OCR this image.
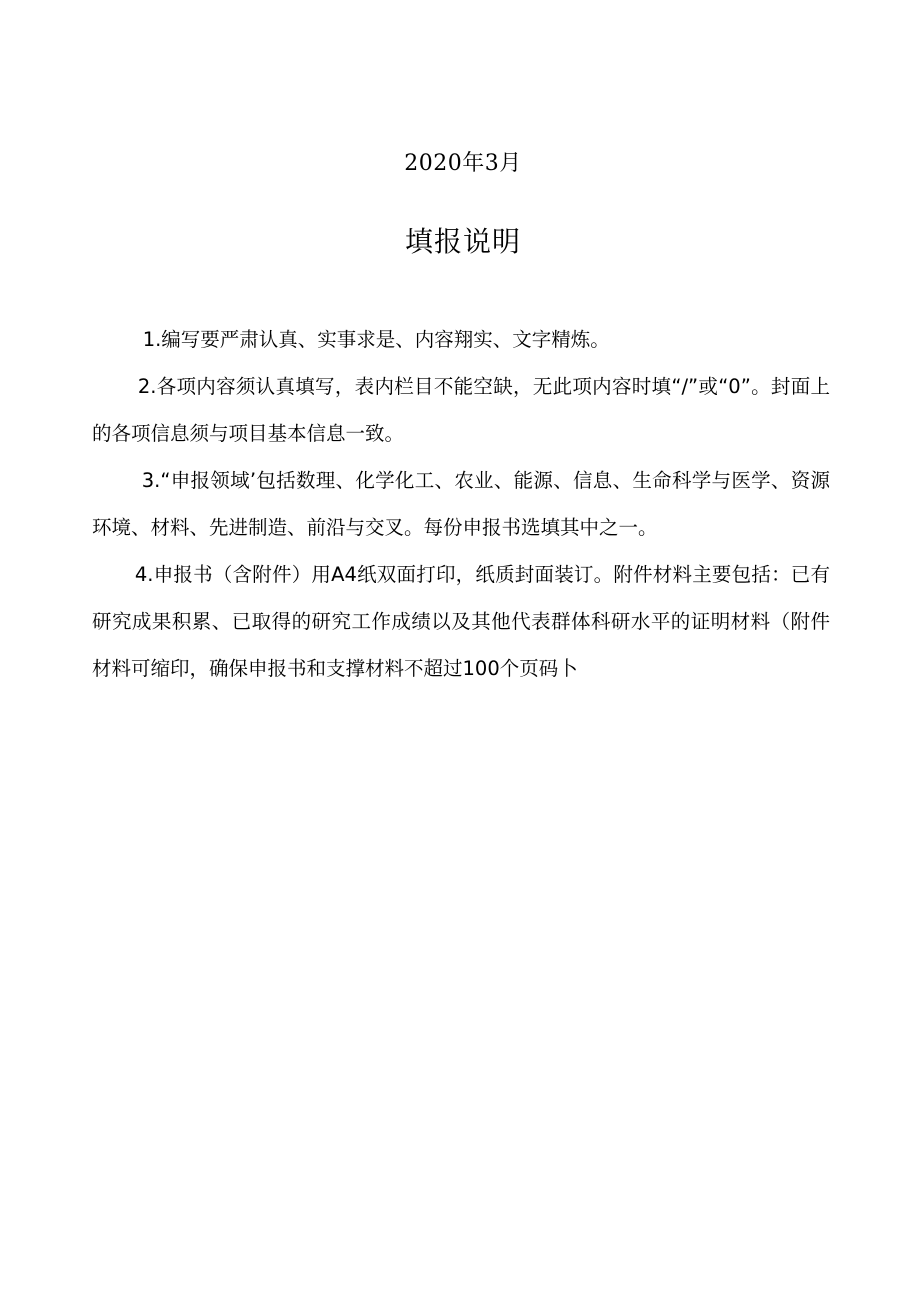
2020年3月
填报说明

1.编写要严肃认真、实事求是、内容翔实、文字精炼。

2.各项内容须认真填写，表内栏目不能空缺，无此项内容时填“/”或“0”。封面上的各项信息须与项目基本信息一致。

3.“申报领域’包括数理、化学化工、农业、能源、信息、生命科学与医学、资源环境、材料、先进制造、前沿与交叉。每份申报书选填其中之一。

4.申报书（含附件）用A4纸双面打印，纸质封面装订。附件材料主要包括：已有研究成果积累、已取得的研究工作成绩以及其他代表群体科研水平的证明材料（附件材料可缩印，确保申报书和支撑材料不超过100个页码卜
